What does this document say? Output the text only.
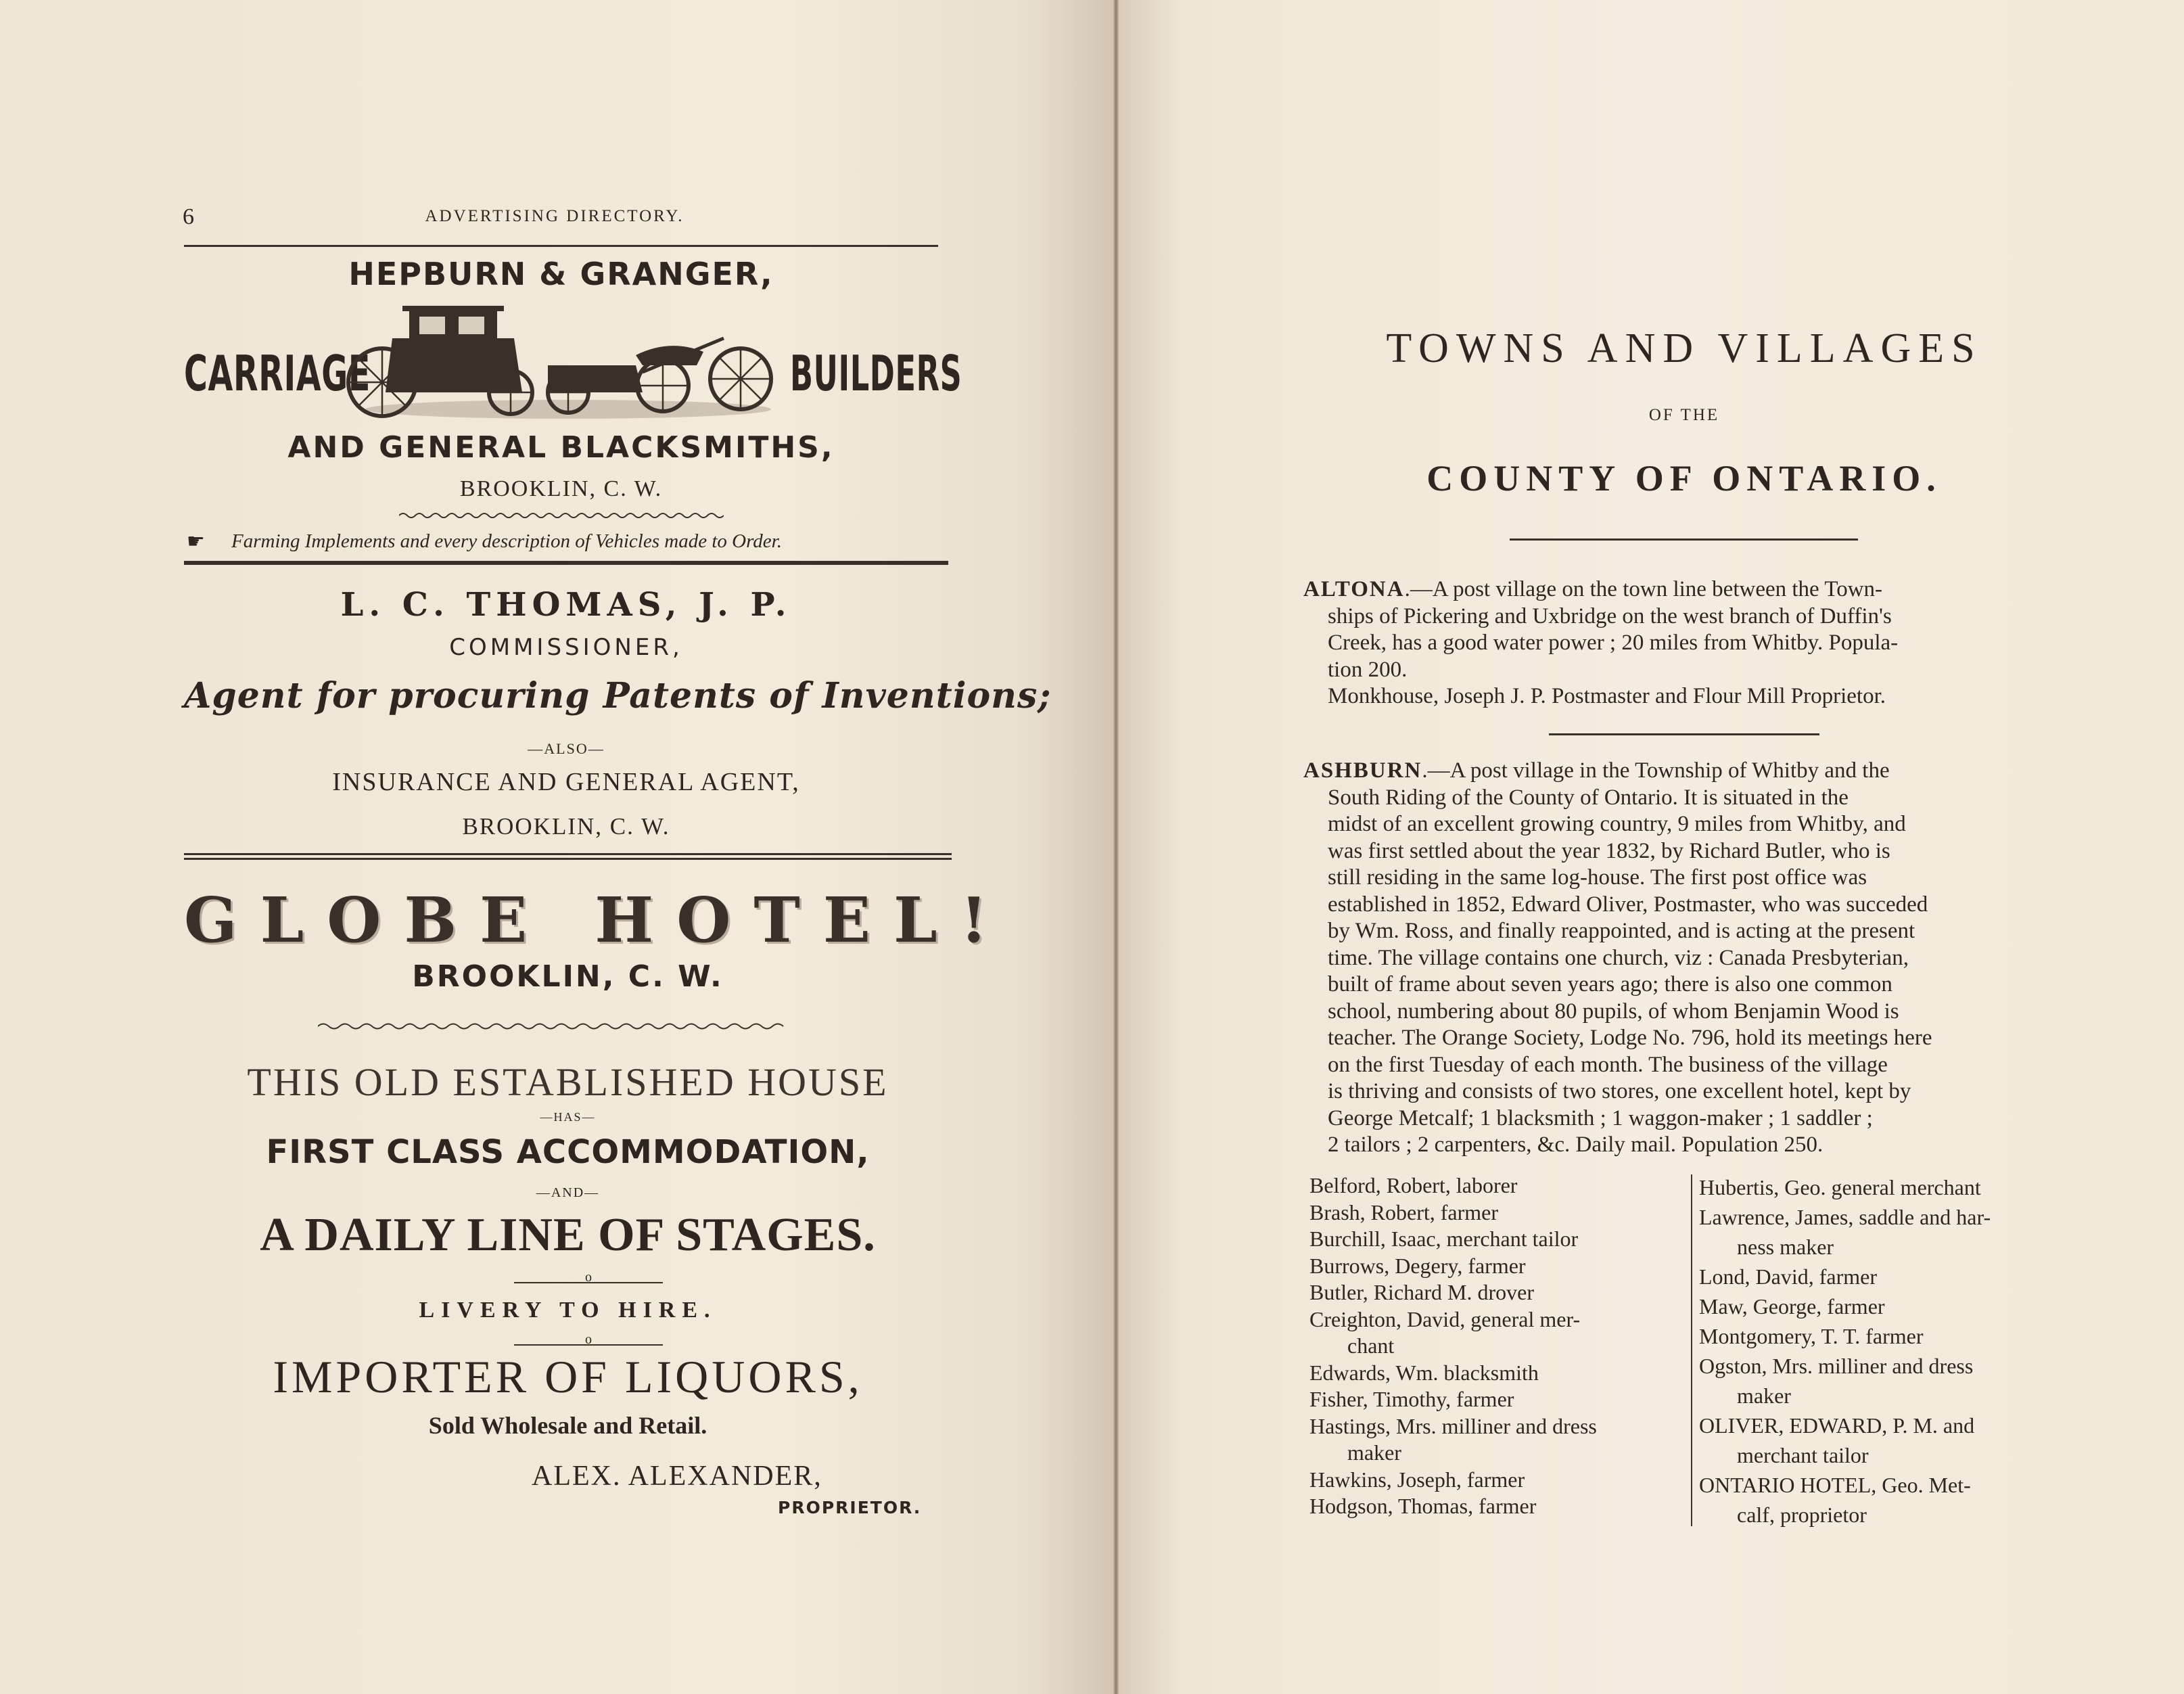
6	ADVERTISING DIRECTORY.
HEPBURN & GRANGER,
CARRIAGE	BUILDERS
AND GENERAL BLACKSMITHS,
BROOKLIN, C. W.
☛ Farming Implements and every description of Vehicles made to Order.
L. C. THOMAS, J. P.
COMMISSIONER,
Agent for procuring Patents of Inventions;
—ALSO—
INSURANCE AND GENERAL AGENT,
BROOKLIN, C. W.
GLOBE HOTEL!
BROOKLIN, C. W.
THIS OLD ESTABLISHED HOUSE
—HAS—
FIRST CLASS ACCOMMODATION,
—AND—
A DAILY LINE OF STAGES.
o
LIVERY TO HIRE.
o
IMPORTER OF LIQUORS,
Sold Wholesale and Retail.
ALEX. ALEXANDER,
PROPRIETOR.
TOWNS AND VILLAGES
OF THE
COUNTY OF ONTARIO.

ALTONA.—A post village on the town line between the Town-

ships of Pickering and Uxbridge on the west branch of Duffin's

Creek, has a good water power ; 20 miles from Whitby. Popula-

tion 200.

Monkhouse, Joseph J. P. Postmaster and Flour Mill Proprietor.

ASHBURN.—A post village in the Township of Whitby and the

South Riding of the County of Ontario. It is situated in the

midst of an excellent growing country, 9 miles from Whitby, and

was first settled about the year 1832, by Richard Butler, who is

still residing in the same log-house. The first post office was

established in 1852, Edward Oliver, Postmaster, who was succeded

by Wm. Ross, and finally reappointed, and is acting at the present

time. The village contains one church, viz : Canada Presbyterian,

built of frame about seven years ago; there is also one common

school, numbering about 80 pupils, of whom Benjamin Wood is

teacher. The Orange Society, Lodge No. 796, hold its meetings here

on the first Tuesday of each month. The business of the village

is thriving and consists of two stores, one excellent hotel, kept by

George Metcalf; 1 blacksmith ; 1 waggon-maker ; 1 saddler ;

2 tailors ; 2 carpenters, &c. Daily mail. Population 250.

Belford, Robert, laborer

Brash, Robert, farmer

Burchill, Isaac, merchant tailor

Burrows, Degery, farmer

Butler, Richard M. drover

Creighton, David, general mer-

chant

Edwards, Wm. blacksmith

Fisher, Timothy, farmer

Hastings, Mrs. milliner and dress

maker

Hawkins, Joseph, farmer

Hodgson, Thomas, farmer

Hubertis, Geo. general merchant

Lawrence, James, saddle and har-

ness maker

Lond, David, farmer

Maw, George, farmer

Montgomery, T. T. farmer

Ogston, Mrs. milliner and dress

maker

OLIVER, EDWARD, P. M. and

merchant tailor

ONTARIO HOTEL, Geo. Met-

calf, proprietor
